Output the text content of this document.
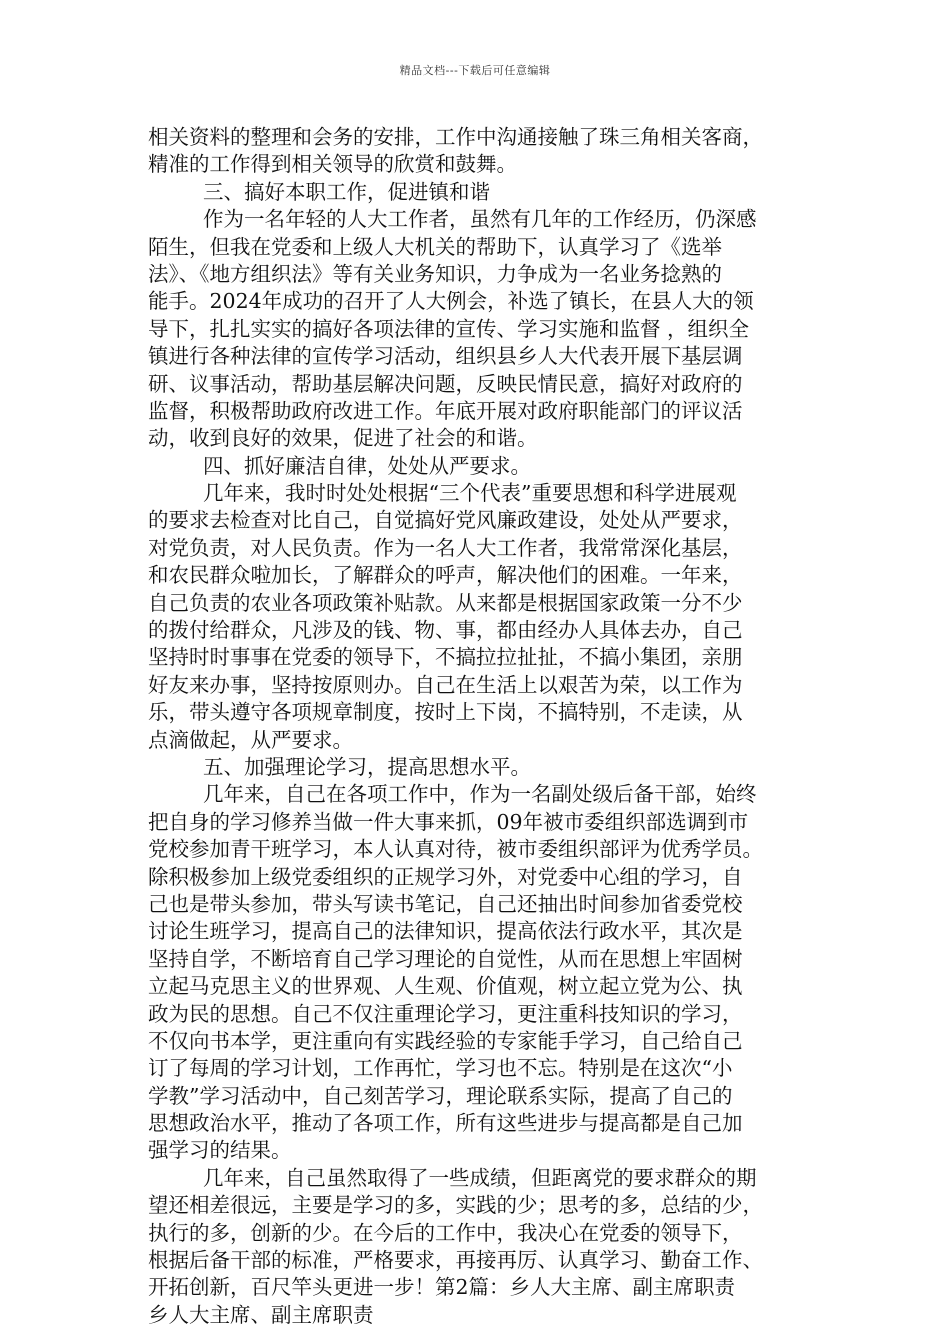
精品文档---下载后可任意编辑
相关资料的整理和会务的安排，工作中沟通接触了珠三角相关客商，
精准的工作得到相关领导的欣赏和鼓舞。
三、搞好本职工作，促进镇和谐
作为一名年轻的人大工作者，虽然有几年的工作经历，仍深感
陌生，但我在党委和上级人大机关的帮助下，认真学习了《选举
法》、《地方组织法》等有关业务知识，力争成为一名业务捻熟的
能手。2024年成功的召开了人大例会，补选了镇长，在县人大的领
导下，扎扎实实的搞好各项法律的宣传、学习实施和监督 ，组织全
镇进行各种法律的宣传学习活动，组织县乡人大代表开展下基层调
研、议事活动，帮助基层解决问题，反映民情民意，搞好对政府的
监督，积极帮助政府改进工作。年底开展对政府职能部门的评议活
动，收到良好的效果，促进了社会的和谐。
四、抓好廉洁自律，处处从严要求。
几年来，我时时处处根据“三个代表”重要思想和科学进展观
的要求去检查对比自己，自觉搞好党风廉政建设，处处从严要求，
对党负责，对人民负责。作为一名人大工作者，我常常深化基层，
和农民群众啦加长，了解群众的呼声，解决他们的困难。一年来，
自己负责的农业各项政策补贴款。从来都是根据国家政策一分不少
的拨付给群众，凡涉及的钱、物、事，都由经办人具体去办，自己
坚持时时事事在党委的领导下，不搞拉拉扯扯，不搞小集团，亲朋
好友来办事，坚持按原则办。自己在生活上以艰苦为荣，以工作为
乐，带头遵守各项规章制度，按时上下岗，不搞特别，不走读，从
点滴做起，从严要求。
五、加强理论学习，提高思想水平。
几年来，自己在各项工作中，作为一名副处级后备干部，始终
把自身的学习修养当做一件大事来抓，09年被市委组织部选调到市
党校参加青干班学习，本人认真对待，被市委组织部评为优秀学员。
除积极参加上级党委组织的正规学习外，对党委中心组的学习，自
己也是带头参加，带头写读书笔记，自己还抽出时间参加省委党校
讨论生班学习，提高自己的法律知识，提高依法行政水平，其次是
坚持自学，不断培育自己学习理论的自觉性，从而在思想上牢固树
立起马克思主义的世界观、人生观、价值观，树立起立党为公、执
政为民的思想。自己不仅注重理论学习，更注重科技知识的学习，
不仅向书本学，更注重向有实践经验的专家能手学习，自己给自己
订了每周的学习计划，工作再忙，学习也不忘。特别是在这次“小
学教”学习活动中，自己刻苦学习，理论联系实际，提高了自己的
思想政治水平，推动了各项工作，所有这些进步与提高都是自己加
强学习的结果。
几年来，自己虽然取得了一些成绩，但距离党的要求群众的期
望还相差很远，主要是学习的多，实践的少；思考的多，总结的少，
执行的多，创新的少。在今后的工作中，我决心在党委的领导下，
根据后备干部的标准，严格要求，再接再厉、认真学习、勤奋工作、
开拓创新，百尺竿头更进一步！第2篇：乡人大主席、副主席职责
乡人大主席、副主席职责
